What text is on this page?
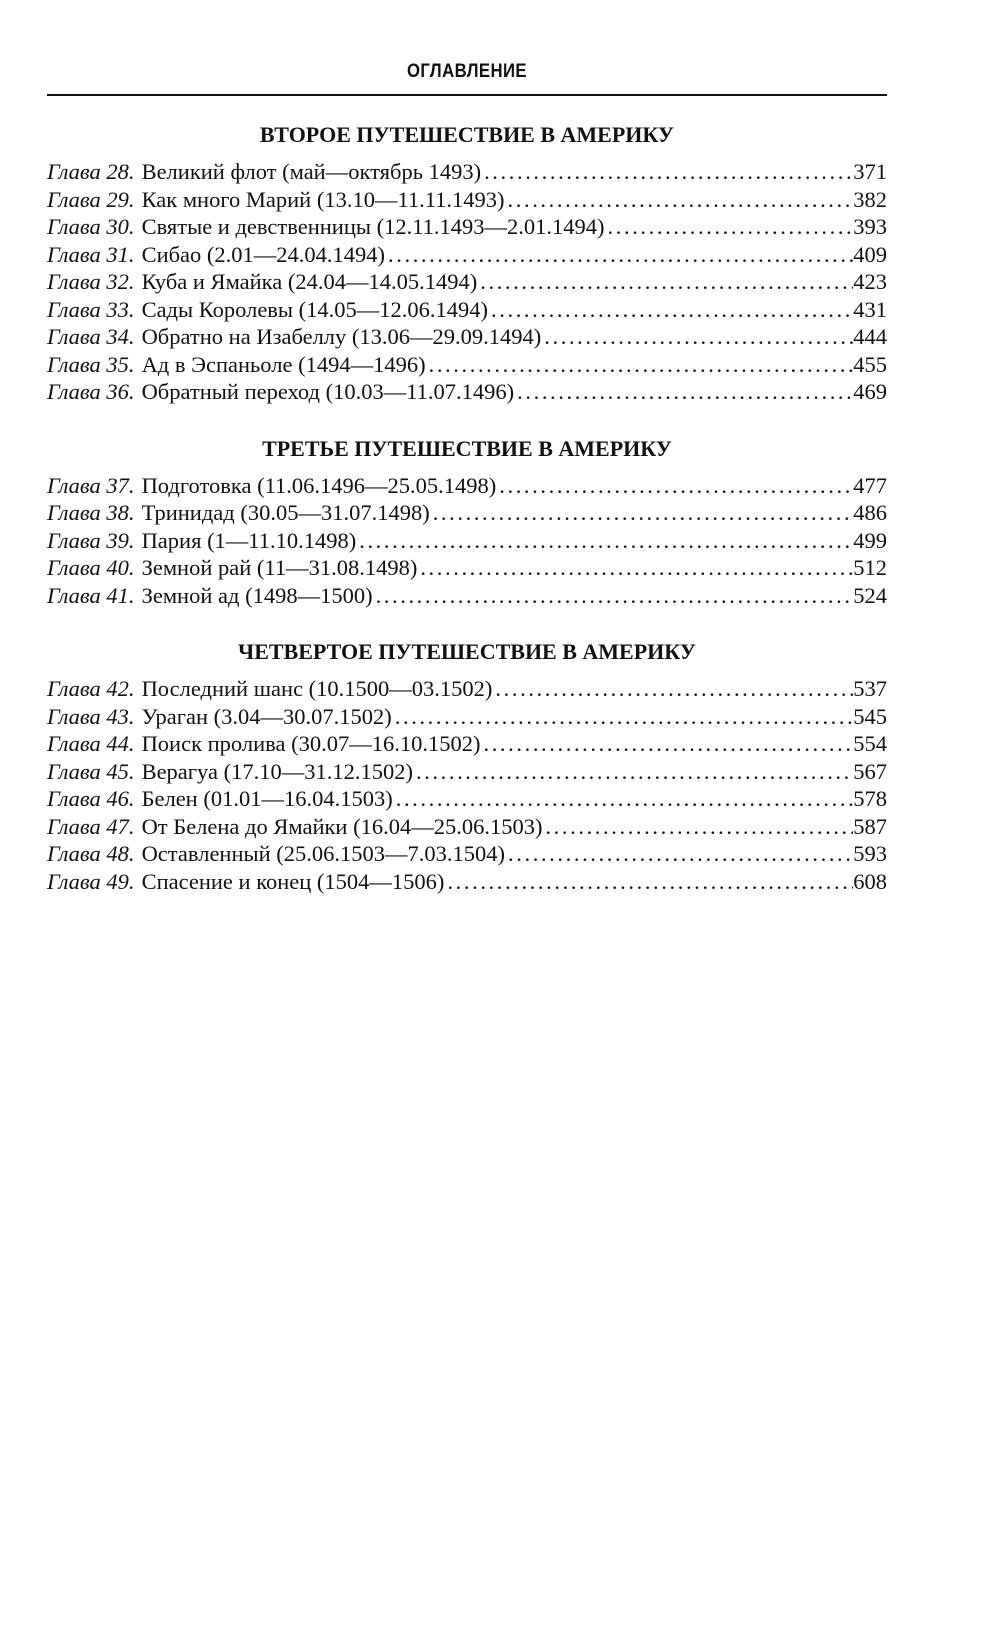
ОГЛАВЛЕНИЕ
ВТОРОЕ ПУТЕШЕСТВИЕ В АМЕРИКУ
Глава 28. Великий флот (май—октябрь 1493) .....	371
Глава 29. Как много Марий (13.10—11.11.1493) .....	382
Глава 30. Святые и девственницы (12.11.1493—2.01.1494) .....	393
Глава 31. Сибао (2.01—24.04.1494) .....	409
Глава 32. Куба и Ямайка (24.04—14.05.1494) .....	423
Глава 33. Сады Королевы (14.05—12.06.1494) .....	431
Глава 34. Обратно на Изабеллу (13.06—29.09.1494) .....	444
Глава 35. Ад в Эспаньоле (1494—1496) .....	455
Глава 36. Обратный переход (10.03—11.07.1496) .....	469
ТРЕТЬЕ ПУТЕШЕСТВИЕ В АМЕРИКУ
Глава 37. Подготовка (11.06.1496—25.05.1498) .....	477
Глава 38. Тринидад (30.05—31.07.1498) .....	486
Глава 39. Пария (1—11.10.1498) .....	499
Глава 40. Земной рай (11—31.08.1498) .....	512
Глава 41. Земной ад (1498—1500) .....	524
ЧЕТВЕРТОЕ ПУТЕШЕСТВИЕ В АМЕРИКУ
Глава 42. Последний шанс (10.1500—03.1502) .....	537
Глава 43. Ураган (3.04—30.07.1502) .....	545
Глава 44. Поиск пролива (30.07—16.10.1502) .....	554
Глава 45. Верагуа (17.10—31.12.1502) .....	567
Глава 46. Белен (01.01—16.04.1503) .....	578
Глава 47. От Белена до Ямайки (16.04—25.06.1503) .....	587
Глава 48. Оставленный (25.06.1503—7.03.1504) .....	593
Глава 49. Спасение и конец (1504—1506) .....	608
